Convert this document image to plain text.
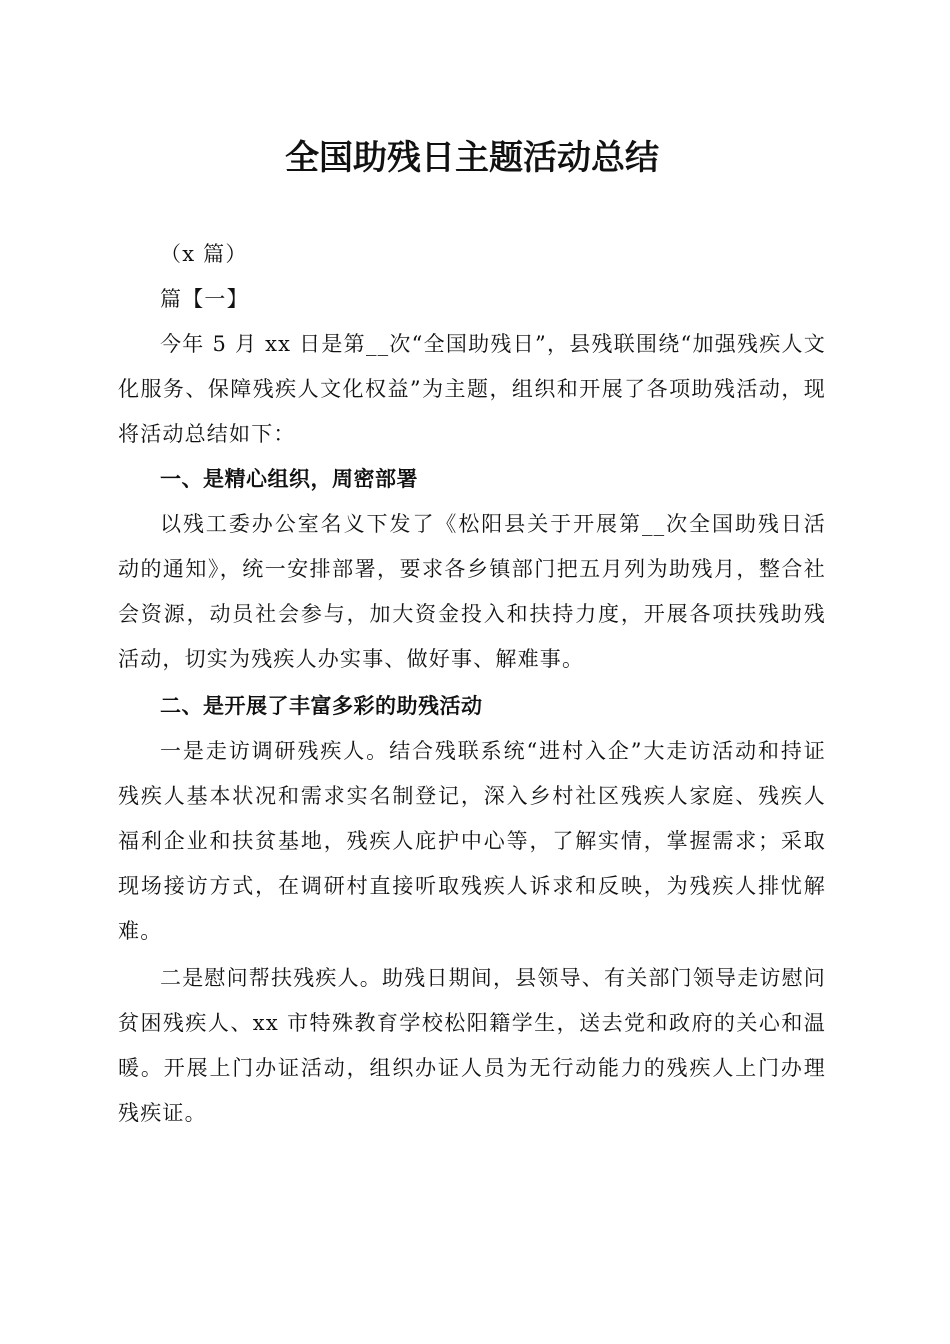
全国助残日主题活动总结

（x 篇）

篇【一】

今年 5 月 xx 日是第__次“全国助残日”，县残联围绕“加强残疾人文化服务、保障残疾人文化权益”为主题，组织和开展了各项助残活动，现将活动总结如下：

一、是精心组织，周密部署

以残工委办公室名义下发了《松阳县关于开展第__次全国助残日活动的通知》，统一安排部署，要求各乡镇部门把五月列为助残月，整合社会资源，动员社会参与，加大资金投入和扶持力度，开展各项扶残助残活动，切实为残疾人办实事、做好事、解难事。

二、是开展了丰富多彩的助残活动

一是走访调研残疾人。结合残联系统“进村入企”大走访活动和持证残疾人基本状况和需求实名制登记，深入乡村社区残疾人家庭、残疾人福利企业和扶贫基地，残疾人庇护中心等，了解实情，掌握需求；采取现场接访方式，在调研村直接听取残疾人诉求和反映，为残疾人排忧解难。

二是慰问帮扶残疾人。助残日期间，县领导、有关部门领导走访慰问贫困残疾人、xx 市特殊教育学校松阳籍学生，送去党和政府的关心和温暖。开展上门办证活动，组织办证人员为无行动能力的残疾人上门办理残疾证。
